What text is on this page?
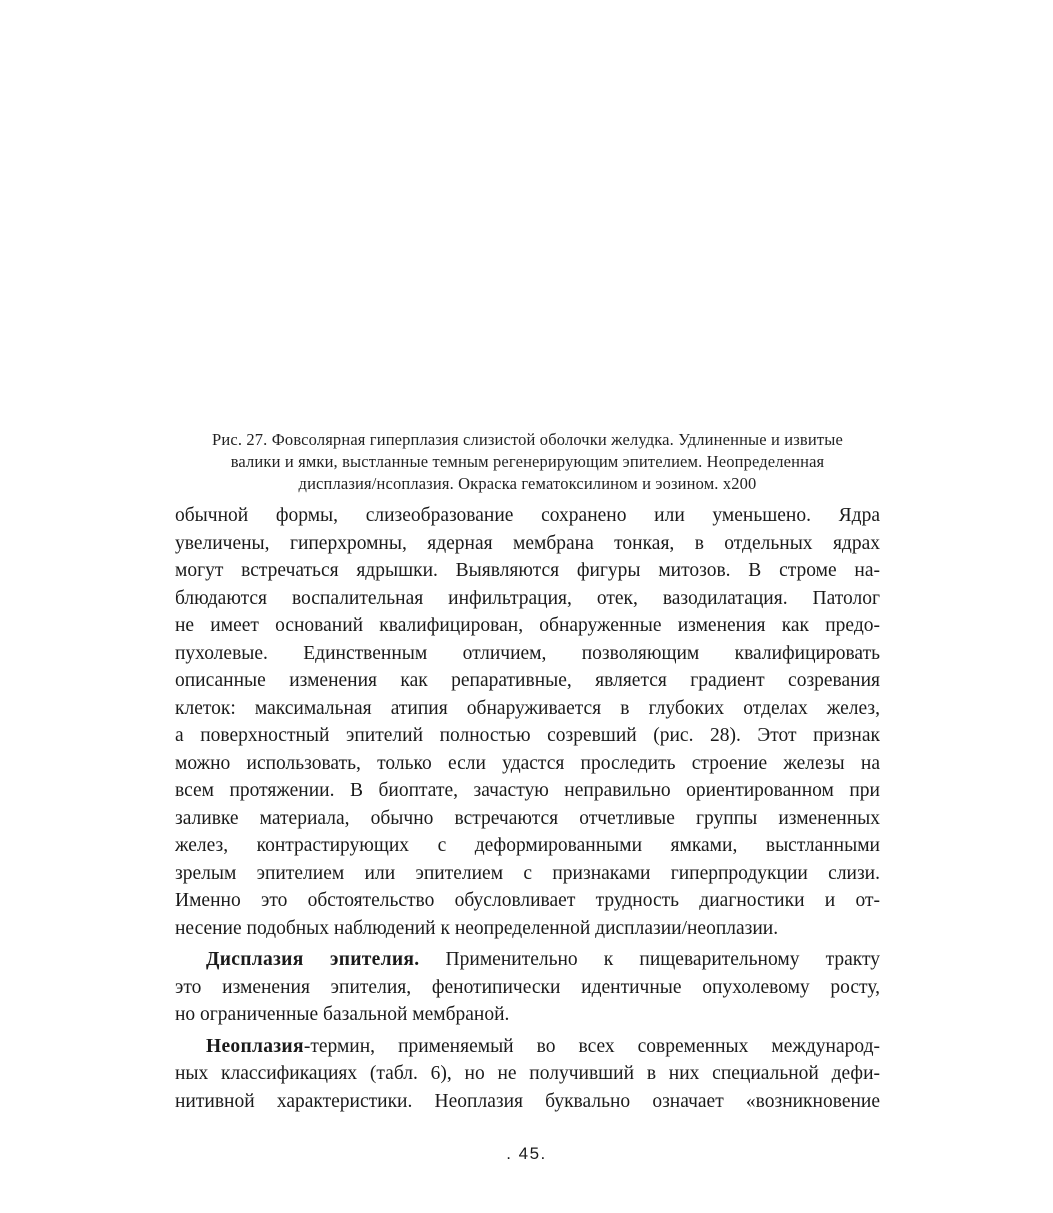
Рис. 27. Фовсолярная гиперплазия слизистой оболочки желудка. Удлиненные и извитые
валики и ямки, выстланные темным регенерирующим эпителием. Неопределенная
дисплазия/нсоплазия. Окраска гематоксилином и эозином. х200
обычной формы, слизеобразование сохранено или уменьшено. Ядра
увеличены, гиперхромны, ядерная мембрана тонкая, в отдельных ядрах
могут встречаться ядрышки. Выявляются фигуры митозов. В строме на-
блюдаются воспалительная инфильтрация, отек, вазодилатация. Патолог
не имеет оснований квалифицирован, обнаруженные изменения как предо-
пухолевые. Единственным отличием, позволяющим квалифицировать
описанные изменения как репаративные, является градиент созревания
клеток: максимальная атипия обнаруживается в глубоких отделах желез,
а поверхностный эпителий полностью созревший (рис. 28). Этот признак
можно использовать, только если удастся проследить строение железы на
всем протяжении. В биоптате, зачастую неправильно ориентированном при
заливке материала, обычно встречаются отчетливые группы измененных
желез, контрастирующих с деформированными ямками, выстланными
зрелым эпителием или эпителием с признаками гиперпродукции слизи.
Именно это обстоятельство обусловливает трудность диагностики и от-
несение подобных наблюдений к неопределенной дисплазии/неоплазии.
Дисплазия эпителия. Применительно к пищеварительному тракту
это изменения эпителия, фенотипически идентичные опухолевому росту,
но ограниченные базальной мембраной.
Неоплазия-термин, применяемый во всех современных международ-
ных классификациях (табл. 6), но не получивший в них специальной дефи-
нитивной характеристики. Неоплазия буквально означает «возникновение
. 45.
